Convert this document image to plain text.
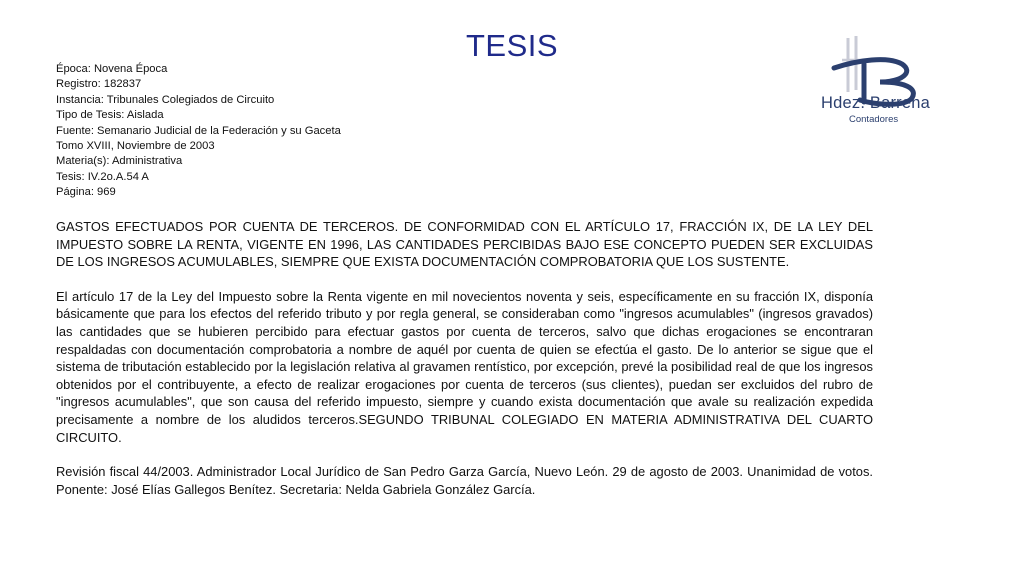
TESIS
Época: Novena Época
Registro: 182837
Instancia: Tribunales Colegiados de Circuito
Tipo de Tesis: Aislada
Fuente: Semanario Judicial de la Federación y su Gaceta
Tomo XVIII, Noviembre de 2003
Materia(s): Administrativa
Tesis: IV.2o.A.54 A
Página: 969
Hdez. Barrena
Contadores

GASTOS EFECTUADOS POR CUENTA DE TERCEROS. DE CONFORMIDAD CON EL ARTÍCULO 17, FRACCIÓN IX, DE LA LEY DEL IMPUESTO SOBRE LA RENTA, VIGENTE EN 1996, LAS CANTIDADES PERCIBIDAS BAJO ESE CONCEPTO PUEDEN SER EXCLUIDAS DE LOS INGRESOS ACUMULABLES, SIEMPRE QUE EXISTA DOCUMENTACIÓN COMPROBATORIA QUE LOS SUSTENTE.

El artículo 17 de la Ley del Impuesto sobre la Renta vigente en mil novecientos noventa y seis, específicamente en su fracción IX, disponía básicamente que para los efectos del referido tributo y por regla general, se consideraban como "ingresos acumulables" (ingresos gravados) las cantidades que se hubieren percibido para efectuar gastos por cuenta de terceros, salvo que dichas erogaciones se encontraran respaldadas con documentación comprobatoria a nombre de aquél por cuenta de quien se efectúa el gasto. De lo anterior se sigue que el sistema de tributación establecido por la legislación relativa al gravamen rentístico, por excepción, prevé la posibilidad real de que los ingresos obtenidos por el contribuyente, a efecto de realizar erogaciones por cuenta de terceros (sus clientes), puedan ser excluidos del rubro de "ingresos acumulables", que son causa del referido impuesto, siempre y cuando exista documentación que avale su realización expedida precisamente a nombre de los aludidos terceros.SEGUNDO TRIBUNAL COLEGIADO EN MATERIA ADMINISTRATIVA DEL CUARTO CIRCUITO.

Revisión fiscal 44/2003. Administrador Local Jurídico de San Pedro Garza García, Nuevo León. 29 de agosto de 2003. Unanimidad de votos. Ponente: José Elías Gallegos Benítez. Secretaria: Nelda Gabriela González García.
